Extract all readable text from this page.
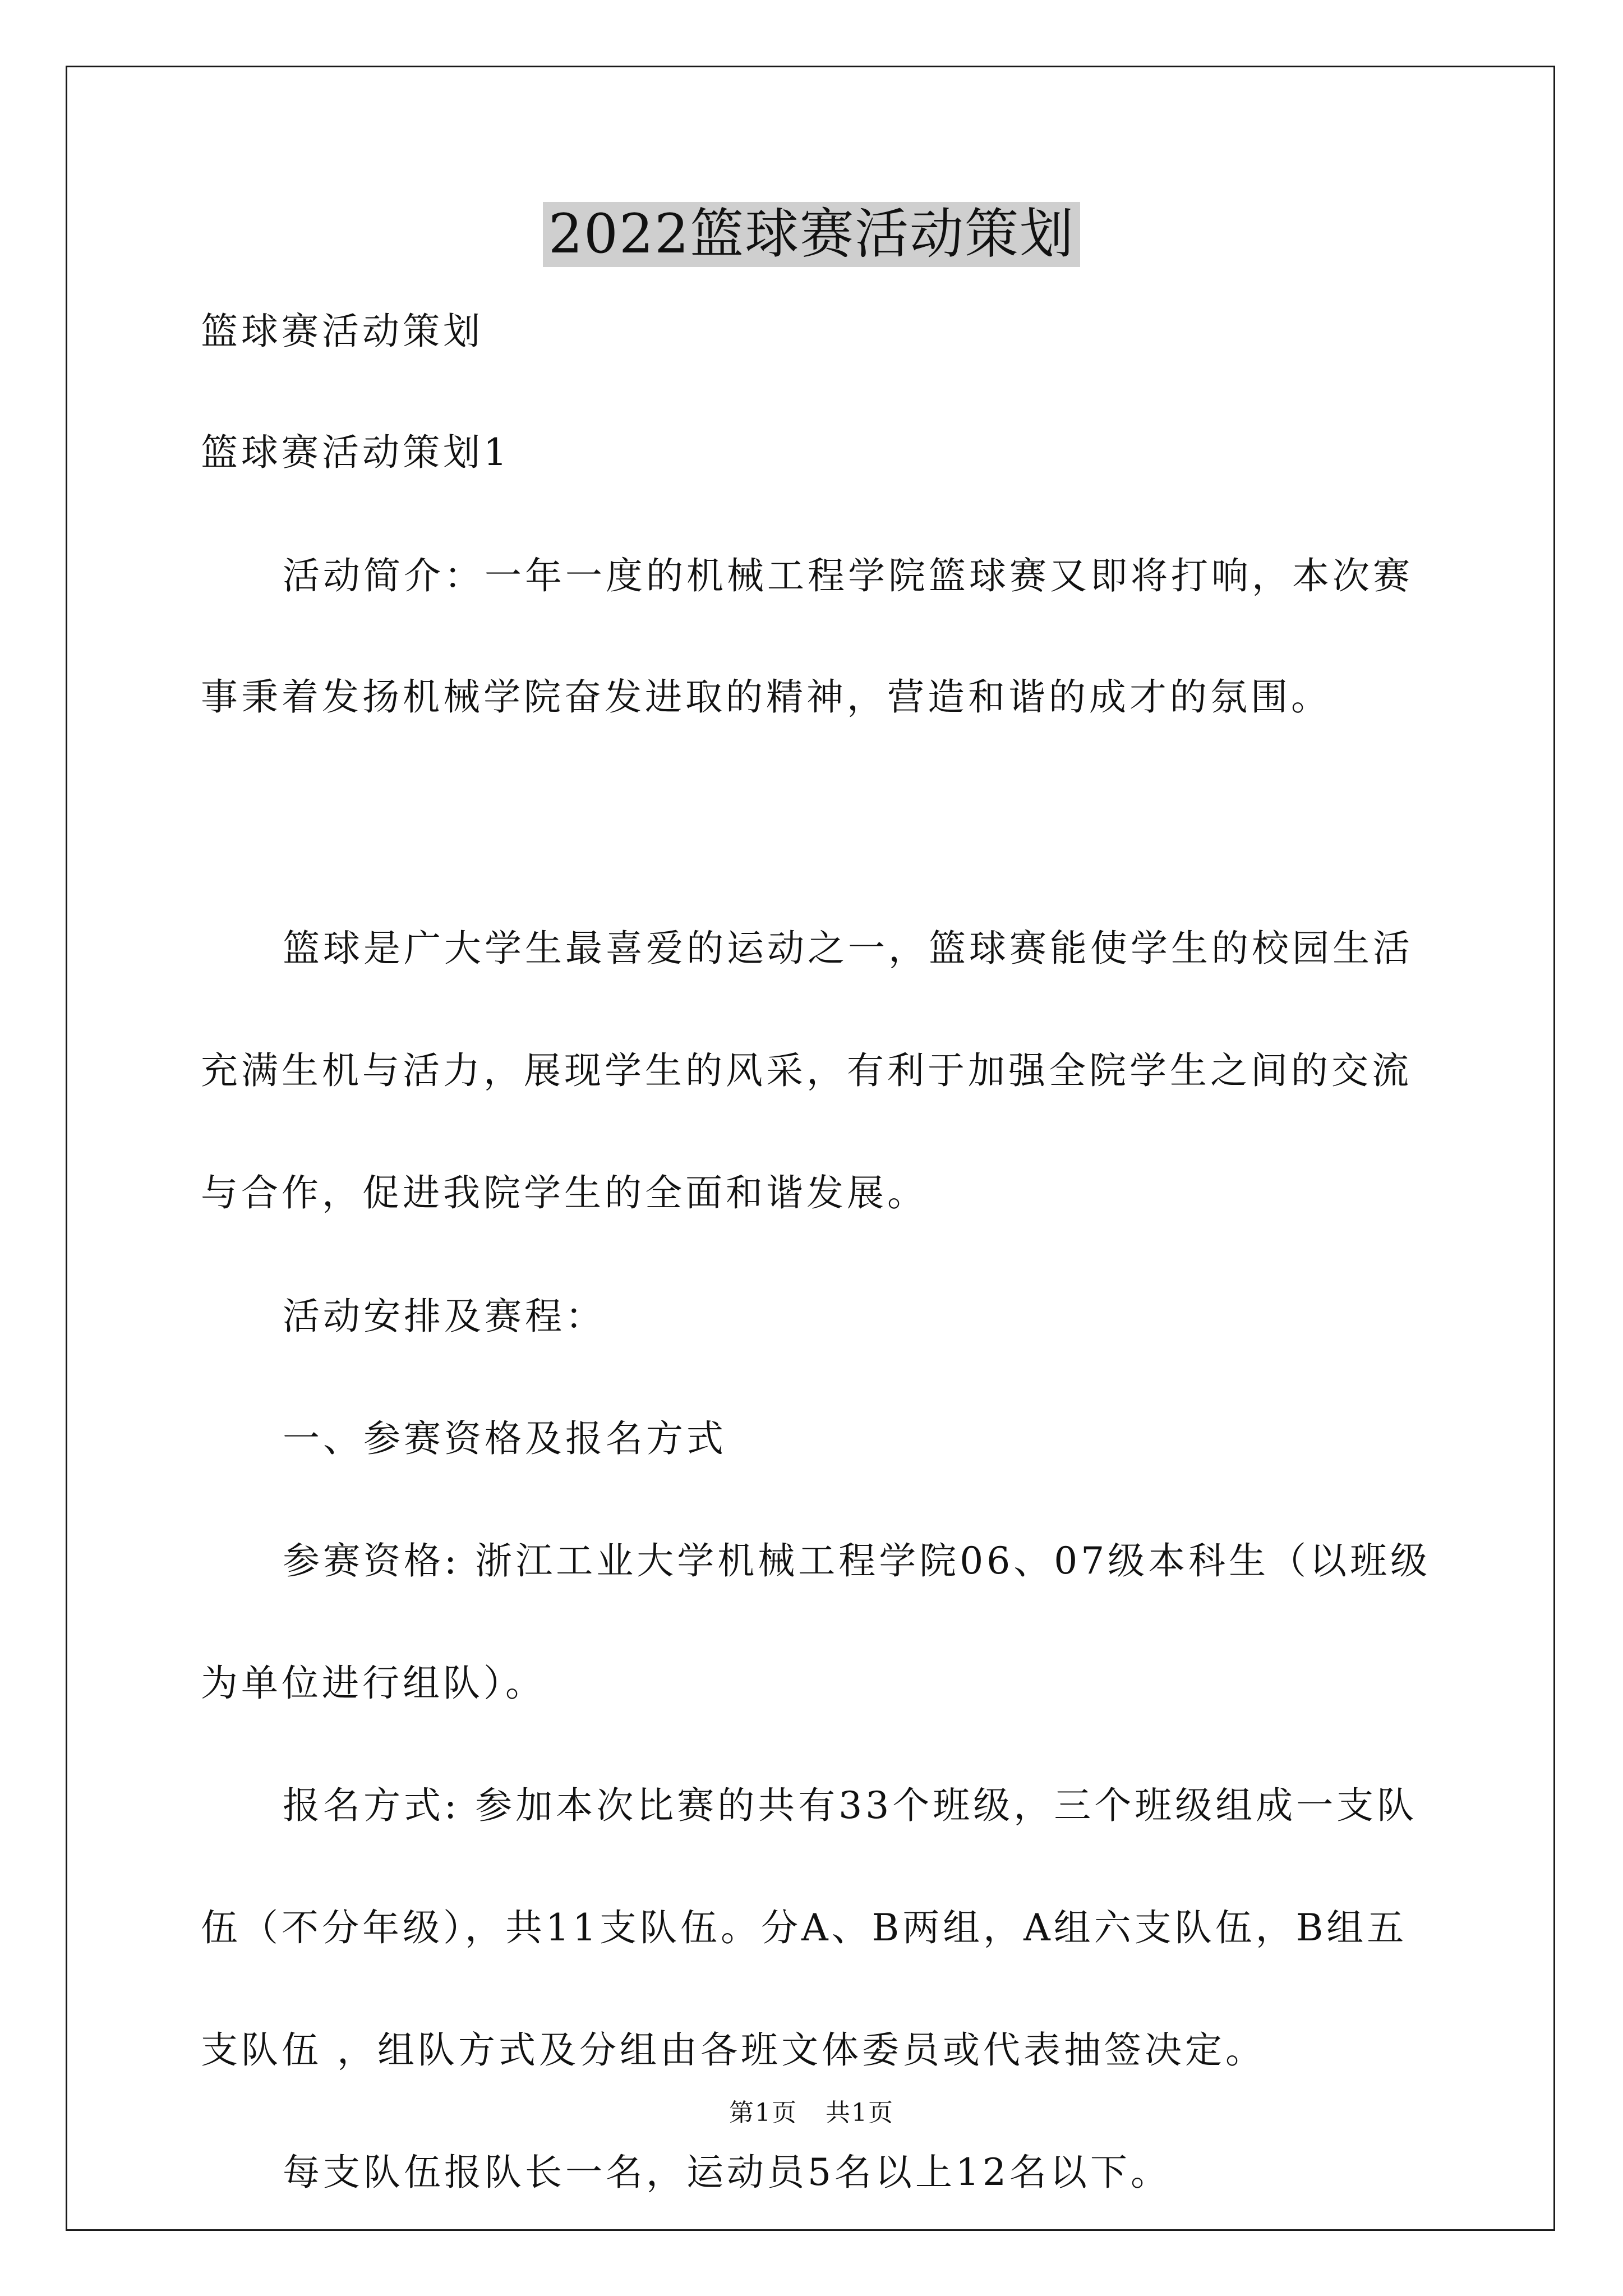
2022篮球赛活动策划
篮球赛活动策划
篮球赛活动策划1
活动简介：一年一度的机械工程学院篮球赛又即将打响，本次赛
事秉着发扬机械学院奋发进取的精神，营造和谐的成才的氛围。
篮球是广大学生最喜爱的运动之一，篮球赛能使学生的校园生活
充满生机与活力，展现学生的风采，有利于加强全院学生之间的交流
与合作，促进我院学生的全面和谐发展。
活动安排及赛程：
一、参赛资格及报名方式
参赛资格: 浙江工业大学机械工程学院06、07级本科生（以班级
为单位进行组队）。
报名方式: 参加本次比赛的共有33个班级，三个班级组成一支队
伍（不分年级），共11支队伍。分A、B两组，A组六支队伍，B组五
支队伍 ，组队方式及分组由各班文体委员或代表抽签决定。
每支队伍报队长一名，运动员5名以上12名以下。
第1页 共1页
